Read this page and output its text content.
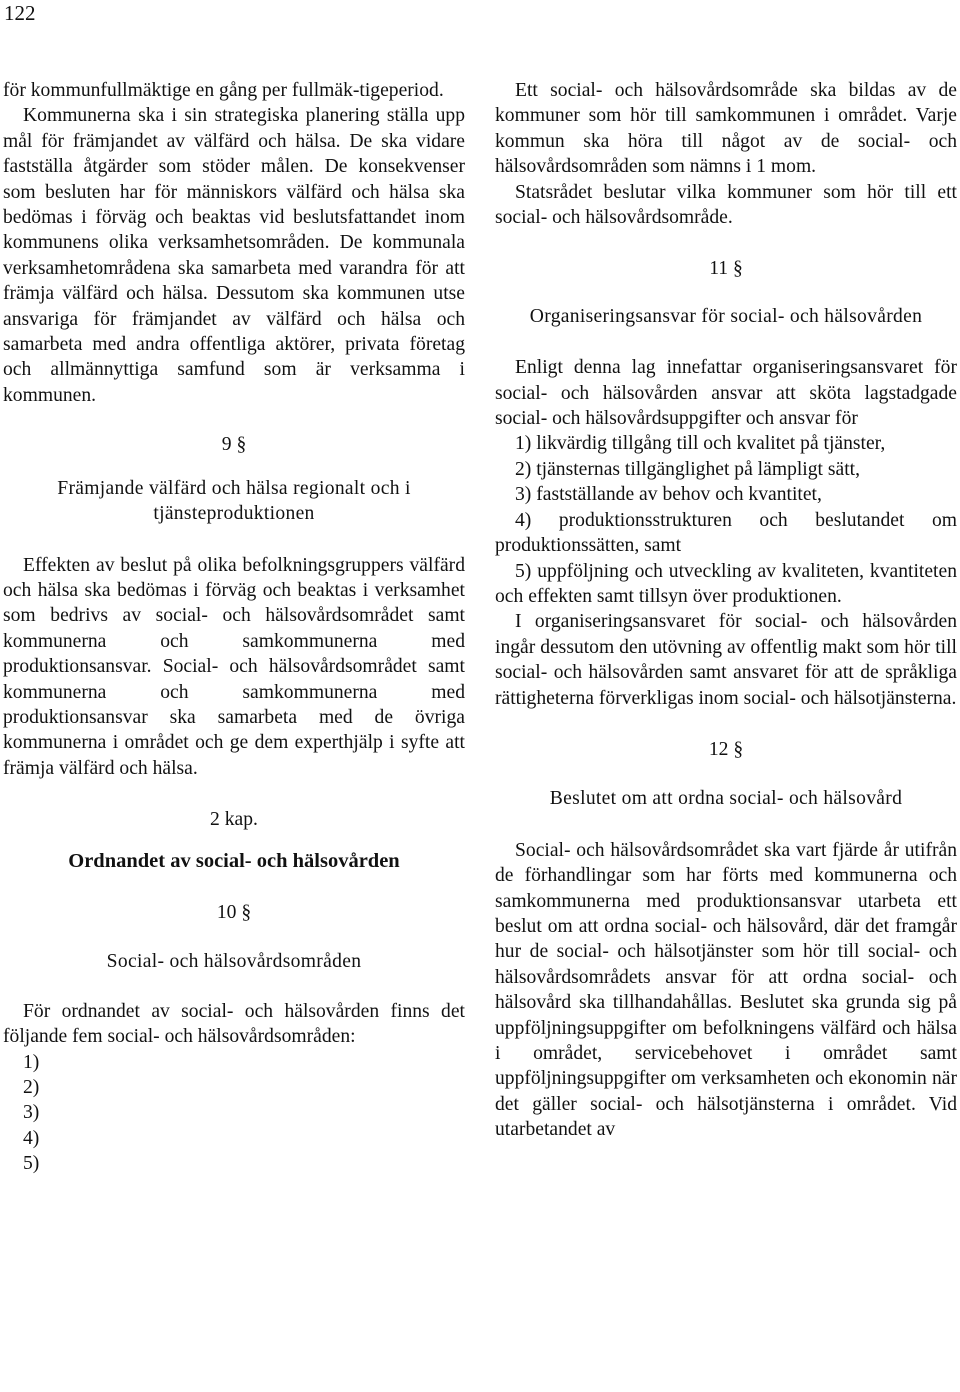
122

för kommunfullmäktige en gång per fullmäk-tigeperiod.

Kommunerna ska i sin strategiska planering ställa upp mål för främjandet av välfärd och hälsa. De ska vidare fastställa åtgärder som stöder målen. De konsekvenser som besluten har för människors välfärd och hälsa ska bedömas i förväg och beaktas vid beslutsfattandet inom kommunens olika verksamhetsområden. De kommunala verksamhetområdena ska samarbeta med varandra för att främja välfärd och hälsa. Dessutom ska kommunen utse ansvariga för främjandet av välfärd och hälsa och samarbeta med andra offentliga aktörer, privata företag och allmännyttiga samfund som är verksamma i kommunen.

9 §

Främjande välfärd och hälsa regionalt och i tjänsteproduktionen

Effekten av beslut på olika befolkningsgruppers välfärd och hälsa ska bedömas i förväg och beaktas i verksamhet som bedrivs av social- och hälsovårdsområdet samt kommunerna och samkommunerna med produktionsansvar. Social- och hälsovårdsområdet samt kommunerna och samkommunerna med produktionsansvar ska samarbeta med de övriga kommunerna i området och ge dem experthjälp i syfte att främja välfärd och hälsa.

2 kap.

Ordnandet av social- och hälsovården

10 §

Social- och hälsovårdsområden

För ordnandet av social- och hälsovården finns det följande fem social- och hälsovårdsområden:

1)
2)
3)
4)
5)

Ett social- och hälsovårdsområde ska bildas av de kommuner som hör till samkommunen i området. Varje kommun ska höra till något av de social- och hälsovårdsområden som nämns i 1 mom.

Statsrådet beslutar vilka kommuner som hör till ett social- och hälsovårdsområde.

11 §

Organiseringsansvar för social- och hälsovården

Enligt denna lag innefattar organiseringsansvaret för social- och hälsovården ansvar att sköta lagstadgade social- och hälsovårdsuppgifter och ansvar för

1) likvärdig tillgång till och kvalitet på tjänster,

2) tjänsternas tillgänglighet på lämpligt sätt,

3) fastställande av behov och kvantitet,

4) produktionsstrukturen och beslutandet om produktionssätten, samt

5) uppföljning och utveckling av kvaliteten, kvantiteten och effekten samt tillsyn över produktionen.

I organiseringsansvaret för social- och hälsovården ingår dessutom den utövning av offentlig makt som hör till social- och hälsovården samt ansvaret för att de språkliga rättigheterna förverkligas inom social- och hälsotjänsterna.

12 §

Beslutet om att ordna social- och hälsovård

Social- och hälsovårdsområdet ska vart fjärde år utifrån de förhandlingar som har förts med kommunerna och samkommunerna med produktionsansvar utarbeta ett beslut om att ordna social- och hälsovård, där det framgår hur de social- och hälsotjänster som hör till social- och hälsovårdsområdets ansvar för att ordna social- och hälsovård ska tillhandahållas. Beslutet ska grunda sig på uppföljningsuppgifter om befolkningens välfärd och hälsa i området, servicebehovet i området samt uppföljningsuppgifter om verksamheten och ekonomin när det gäller social- och hälsotjänsterna i området. Vid utarbetandet av
